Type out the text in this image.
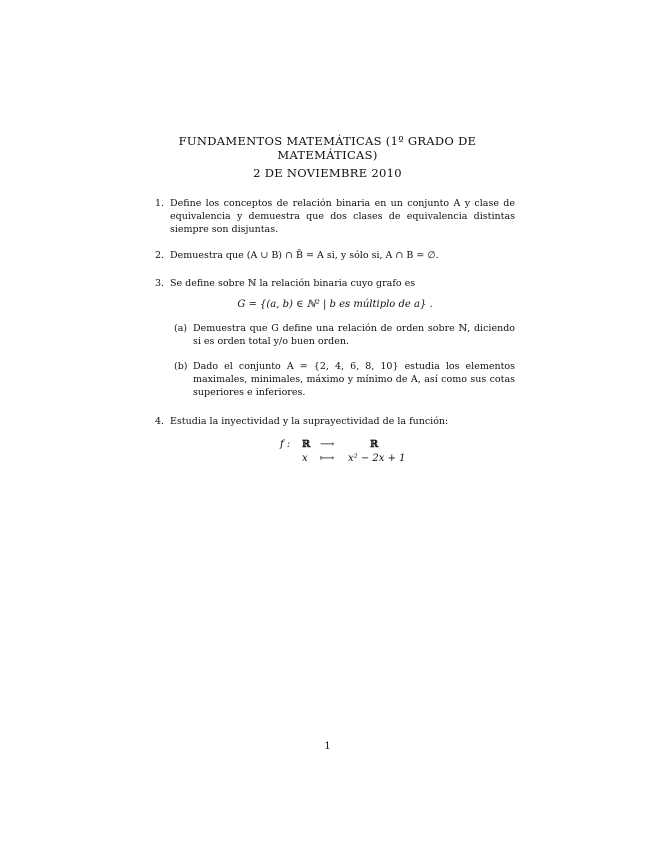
FUNDAMENTOS MATEMÁTICAS (1º GRADO DE MATEMÁTICAS)
2 DE NOVIEMBRE 2010
1. Define los conceptos de relación binaria en un conjunto A y clase de equivalencia y demuestra que dos clases de equivalencia distintas siempre son disjuntas.
2. Demuestra que (A ∪ B) ∩ B̄ = A si, y sólo si, A ∩ B = ∅.
3. Se define sobre ℕ la relación binaria cuyo grafo es
G = {(a, b) ∈ ℕ² | b es múltiplo de a} .
(a) Demuestra que G define una relación de orden sobre ℕ, diciendo si es orden total y/o buen orden.
(b) Dado el conjunto A = {2, 4, 6, 8, 10} estudia los elementos maximales, minimales, máximo y mínimo de A, así como sus cotas superiores e inferiores.
4. Estudia la inyectividad y la suprayectividad de la función:
f : ℝ ⟶	ℝ
x ⟼ x² − 2x + 1
1
